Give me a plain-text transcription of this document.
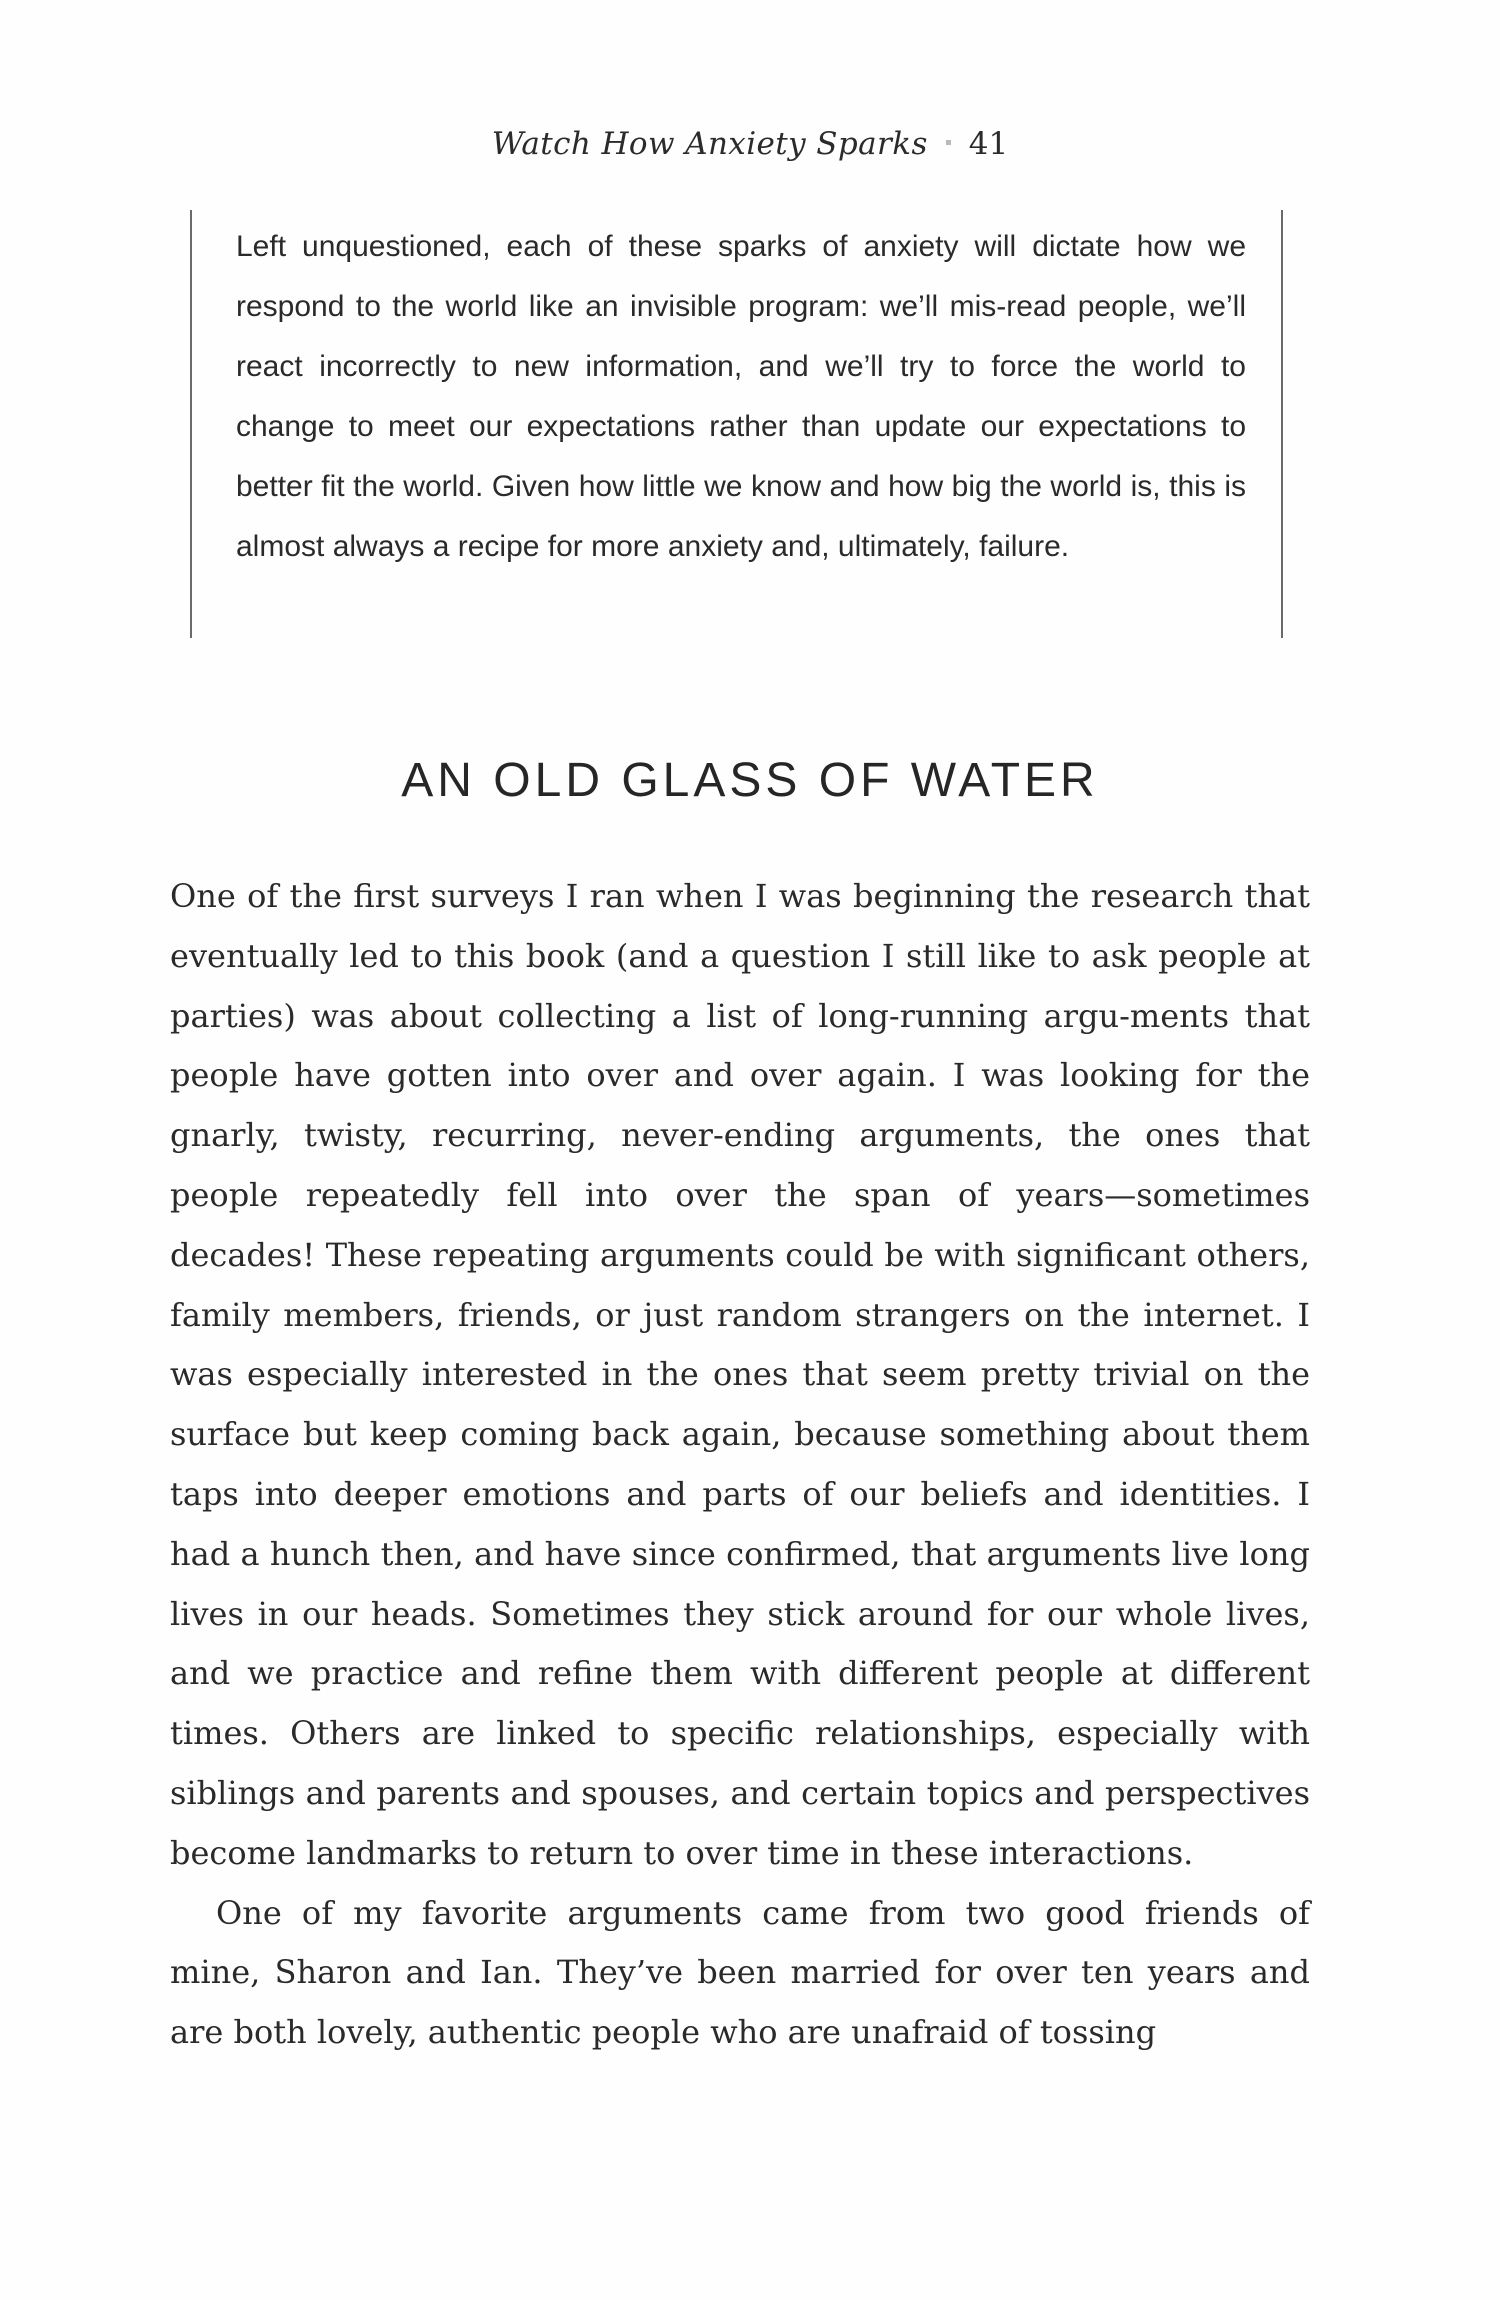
Watch How Anxiety Sparks 41

Left unquestioned, each of these sparks of anxiety will dictate how we respond to the world like an invisible program: we’ll mis-read people, we’ll react incorrectly to new information, and we’ll try to force the world to change to meet our expectations rather than update our expectations to better fit the world. Given how little we know and how big the world is, this is almost always a recipe for more anxiety and, ultimately, failure.

AN OLD GLASS OF WATER

One of the first surveys I ran when I was beginning the research that eventually led to this book (and a question I still like to ask people at parties) was about collecting a list of long-running argu-ments that people have gotten into over and over again. I was looking for the gnarly, twisty, recurring, never-ending arguments, the ones that people repeatedly fell into over the span of years—sometimes decades! These repeating arguments could be with significant others, family members, friends, or just random strangers on the internet. I was especially interested in the ones that seem pretty trivial on the surface but keep coming back again, because something about them taps into deeper emotions and parts of our beliefs and identities. I had a hunch then, and have since confirmed, that arguments live long lives in our heads. Sometimes they stick around for our whole lives, and we practice and refine them with different people at different times. Others are linked to specific relationships, especially with siblings and parents and spouses, and certain topics and perspectives become landmarks to return to over time in these interactions.

One of my favorite arguments came from two good friends of mine, Sharon and Ian. They’ve been married for over ten years and are both lovely, authentic people who are unafraid of tossing
